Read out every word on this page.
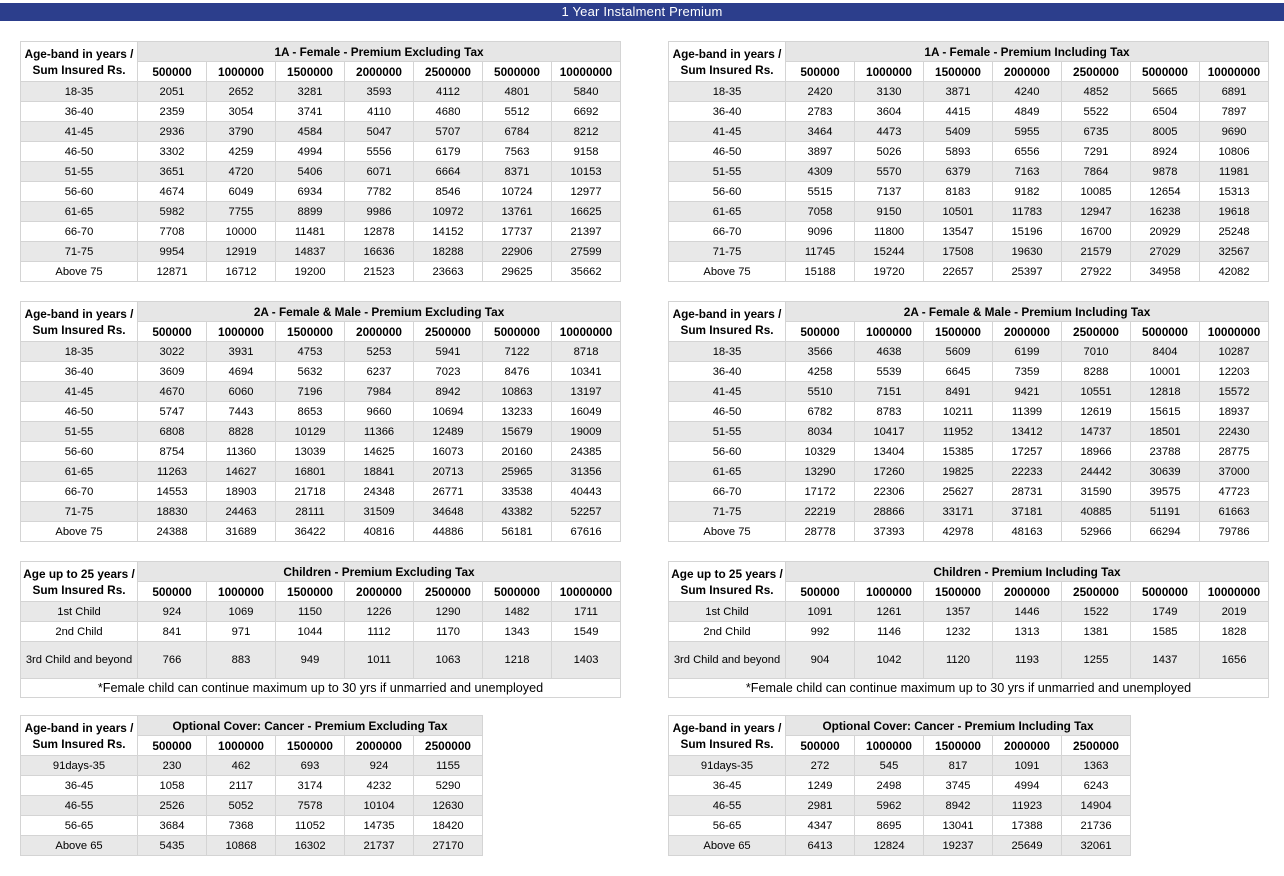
1 Year Instalment Premium
Age-band in years /
Sum Insured Rs.	1A - Female - Premium Excluding Tax						
	500000	1000000	1500000	2000000	2500000	5000000	10000000
18-35	2051	2652	3281	3593	4112	4801	5840
36-40	2359	3054	3741	4110	4680	5512	6692
41-45	2936	3790	4584	5047	5707	6784	8212
46-50	3302	4259	4994	5556	6179	7563	9158
51-55	3651	4720	5406	6071	6664	8371	10153
56-60	4674	6049	6934	7782	8546	10724	12977
61-65	5982	7755	8899	9986	10972	13761	16625
66-70	7708	10000	11481	12878	14152	17737	21397
71-75	9954	12919	14837	16636	18288	22906	27599
Above 75	12871	16712	19200	21523	23663	29625	35662
Age-band in years /
Sum Insured Rs.	1A - Female - Premium Including Tax						
	500000	1000000	1500000	2000000	2500000	5000000	10000000
18-35	2420	3130	3871	4240	4852	5665	6891
36-40	2783	3604	4415	4849	5522	6504	7897
41-45	3464	4473	5409	5955	6735	8005	9690
46-50	3897	5026	5893	6556	7291	8924	10806
51-55	4309	5570	6379	7163	7864	9878	11981
56-60	5515	7137	8183	9182	10085	12654	15313
61-65	7058	9150	10501	11783	12947	16238	19618
66-70	9096	11800	13547	15196	16700	20929	25248
71-75	11745	15244	17508	19630	21579	27029	32567
Above 75	15188	19720	22657	25397	27922	34958	42082
Age-band in years /
Sum Insured Rs.	2A - Female & Male - Premium Excluding Tax						
	500000	1000000	1500000	2000000	2500000	5000000	10000000
18-35	3022	3931	4753	5253	5941	7122	8718
36-40	3609	4694	5632	6237	7023	8476	10341
41-45	4670	6060	7196	7984	8942	10863	13197
46-50	5747	7443	8653	9660	10694	13233	16049
51-55	6808	8828	10129	11366	12489	15679	19009
56-60	8754	11360	13039	14625	16073	20160	24385
61-65	11263	14627	16801	18841	20713	25965	31356
66-70	14553	18903	21718	24348	26771	33538	40443
71-75	18830	24463	28111	31509	34648	43382	52257
Above 75	24388	31689	36422	40816	44886	56181	67616
Age-band in years /
Sum Insured Rs.	2A - Female & Male - Premium Including Tax						
	500000	1000000	1500000	2000000	2500000	5000000	10000000
18-35	3566	4638	5609	6199	7010	8404	10287
36-40	4258	5539	6645	7359	8288	10001	12203
41-45	5510	7151	8491	9421	10551	12818	15572
46-50	6782	8783	10211	11399	12619	15615	18937
51-55	8034	10417	11952	13412	14737	18501	22430
56-60	10329	13404	15385	17257	18966	23788	28775
61-65	13290	17260	19825	22233	24442	30639	37000
66-70	17172	22306	25627	28731	31590	39575	47723
71-75	22219	28866	33171	37181	40885	51191	61663
Above 75	28778	37393	42978	48163	52966	66294	79786
Age up to 25 years /
Sum Insured Rs.	Children - Premium Excluding Tax						
	500000	1000000	1500000	2000000	2500000	5000000	10000000
1st Child	924	1069	1150	1226	1290	1482	1711
2nd Child	841	971	1044	1112	1170	1343	1549
3rd Child and beyond	766	883	949	1011	1063	1218	1403
*Female child can continue maximum up to 30 yrs if unmarried and unemployed							
Age up to 25 years /
Sum Insured Rs.	Children - Premium Including Tax						
	500000	1000000	1500000	2000000	2500000	5000000	10000000
1st Child	1091	1261	1357	1446	1522	1749	2019
2nd Child	992	1146	1232	1313	1381	1585	1828
3rd Child and beyond	904	1042	1120	1193	1255	1437	1656
*Female child can continue maximum up to 30 yrs if unmarried and unemployed							
Age-band in years /
Sum Insured Rs.	Optional Cover: Cancer - Premium Excluding Tax				
	500000	1000000	1500000	2000000	2500000
91days-35	230	462	693	924	1155
36-45	1058	2117	3174	4232	5290
46-55	2526	5052	7578	10104	12630
56-65	3684	7368	11052	14735	18420
Above 65	5435	10868	16302	21737	27170
Age-band in years /
Sum Insured Rs.	Optional Cover: Cancer - Premium Including Tax				
	500000	1000000	1500000	2000000	2500000
91days-35	272	545	817	1091	1363
36-45	1249	2498	3745	4994	6243
46-55	2981	5962	8942	11923	14904
56-65	4347	8695	13041	17388	21736
Above 65	6413	12824	19237	25649	32061
